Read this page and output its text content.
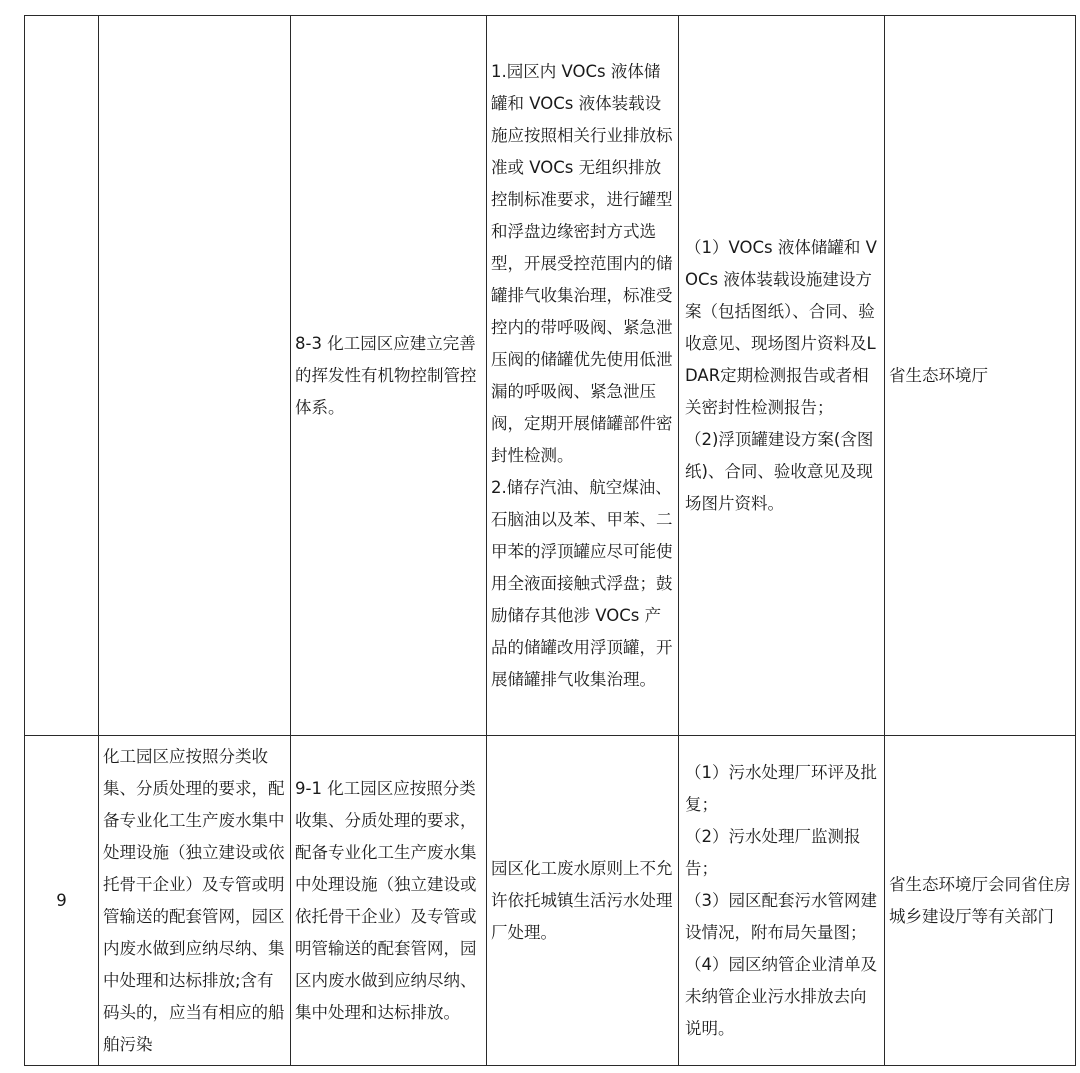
		8-3 化工园区应建立完善的挥发性有机物控制管控体系。	1.园区内 VOCs 液体储罐和 VOCs 液体装载设施应按照相关行业排放标准或 VOCs 无组织排放控制标准要求，进行罐型和浮盘边缘密封方式选型，开展受控范围内的储罐排气收集治理，标准受控内的带呼吸阀、紧急泄压阀的储罐优先使用低泄漏的呼吸阀、紧急泄压阀，定期开展储罐部件密封性检测。
2.储存汽油、航空煤油、石脑油以及苯、甲苯、二甲苯的浮顶罐应尽可能使用全液面接触式浮盘；鼓励储存其他涉 VOCs 产品的储罐改用浮顶罐，开展储罐排气收集治理。	（1）VOCs 液体储罐和 VOCs 液体装载设施建设方案（包括图纸）、合同、验收意见、现场图片资料及LDAR定期检测报告或者相关密封性检测报告；
（2)浮顶罐建设方案(含图纸)、合同、验收意见及现场图片资料。	省生态环境厅
9	化工园区应按照分类收集、分质处理的要求，配备专业化工生产废水集中处理设施（独立建设或依托骨干企业）及专管或明管输送的配套管网，园区内废水做到应纳尽纳、集中处理和达标排放;含有码头的，应当有相应的船舶污染	9-1 化工园区应按照分类收集、分质处理的要求，配备专业化工生产废水集中处理设施（独立建设或依托骨干企业）及专管或明管输送的配套管网，园区内废水做到应纳尽纳、集中处理和达标排放。	园区化工废水原则上不允许依托城镇生活污水处理厂处理。	（1）污水处理厂环评及批复；
（2）污水处理厂监测报告；
（3）园区配套污水管网建设情况，附布局矢量图；
（4）园区纳管企业清单及未纳管企业污水排放去向说明。	省生态环境厅会同省住房城乡建设厅等有关部门
